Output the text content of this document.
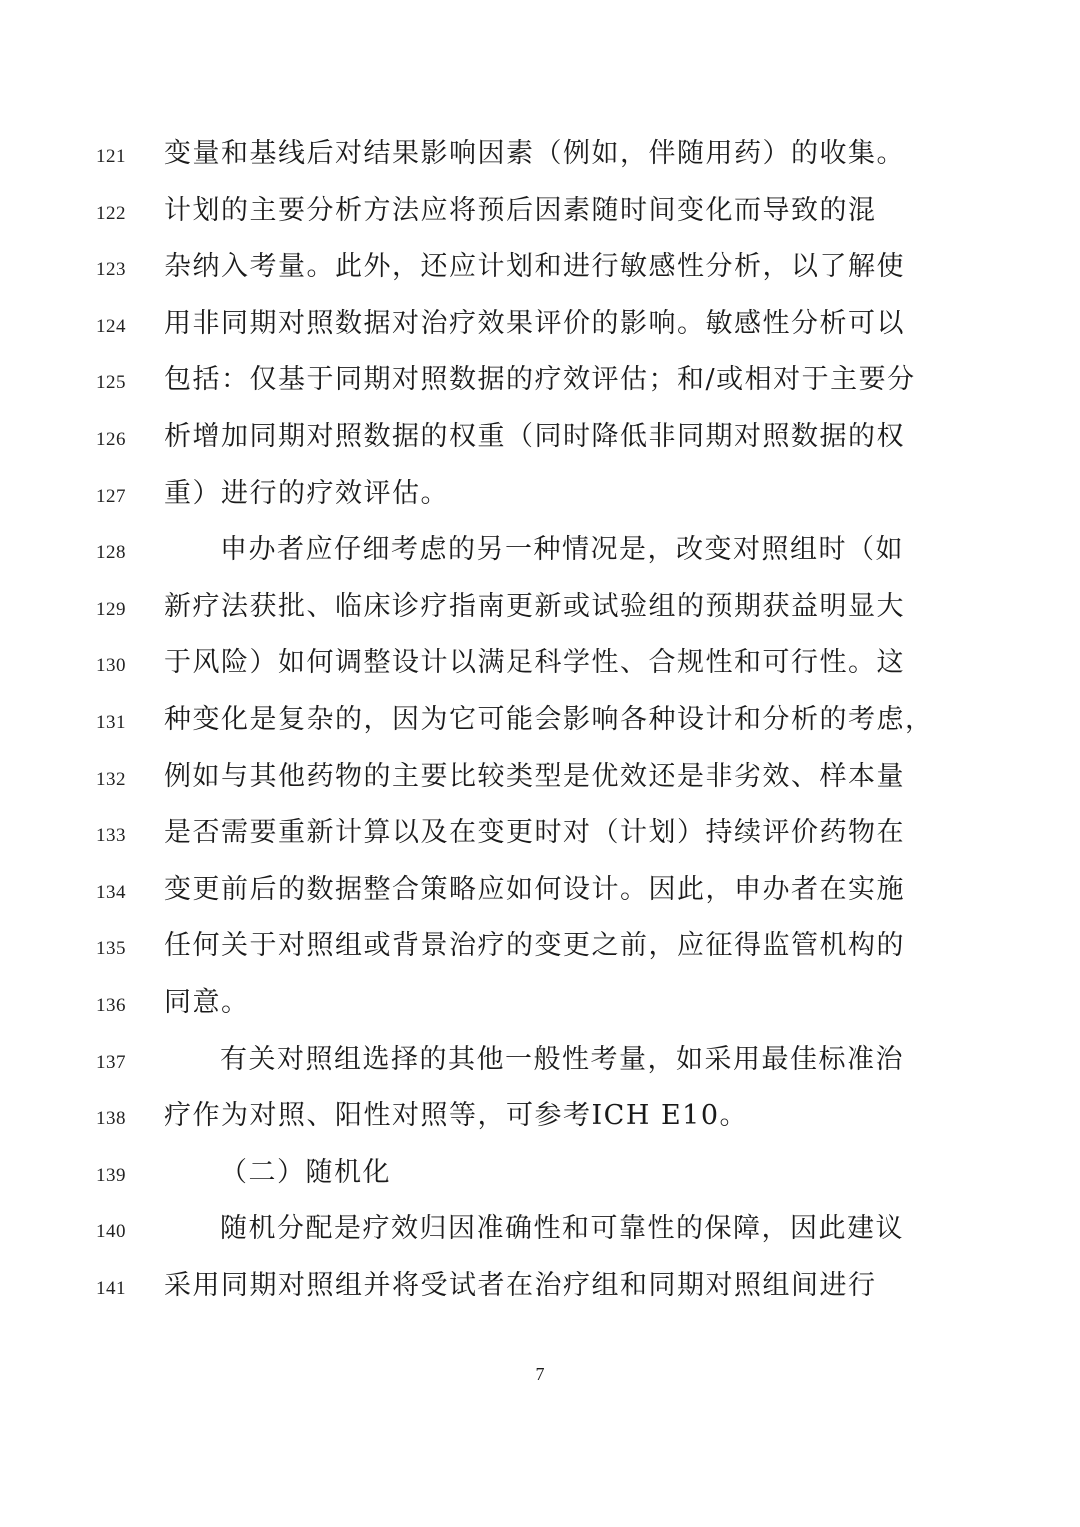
121	变量和基线后对结果影响因素（例如，伴随用药）的收集。
122	计划的主要分析方法应将预后因素随时间变化而导致的混
123	杂纳入考量。此外，还应计划和进行敏感性分析，以了解使
124	用非同期对照数据对治疗效果评价的影响。敏感性分析可以
125	包括：仅基于同期对照数据的疗效评估；和/或相对于主要分
126	析增加同期对照数据的权重（同时降低非同期对照数据的权
127	重）进行的疗效评估。
128	申办者应仔细考虑的另一种情况是，改变对照组时（如
129	新疗法获批、临床诊疗指南更新或试验组的预期获益明显大
130	于风险）如何调整设计以满足科学性、合规性和可行性。这
131	种变化是复杂的，因为它可能会影响各种设计和分析的考虑，
132	例如与其他药物的主要比较类型是优效还是非劣效、样本量
133	是否需要重新计算以及在变更时对（计划）持续评价药物在
134	变更前后的数据整合策略应如何设计。因此，申办者在实施
135	任何关于对照组或背景治疗的变更之前，应征得监管机构的
136	同意。
137	有关对照组选择的其他一般性考量，如采用最佳标准治
138	疗作为对照、阳性对照等，可参考ICH E10。
139	（二）随机化
140	随机分配是疗效归因准确性和可靠性的保障，因此建议
141	采用同期对照组并将受试者在治疗组和同期对照组间进行
7
